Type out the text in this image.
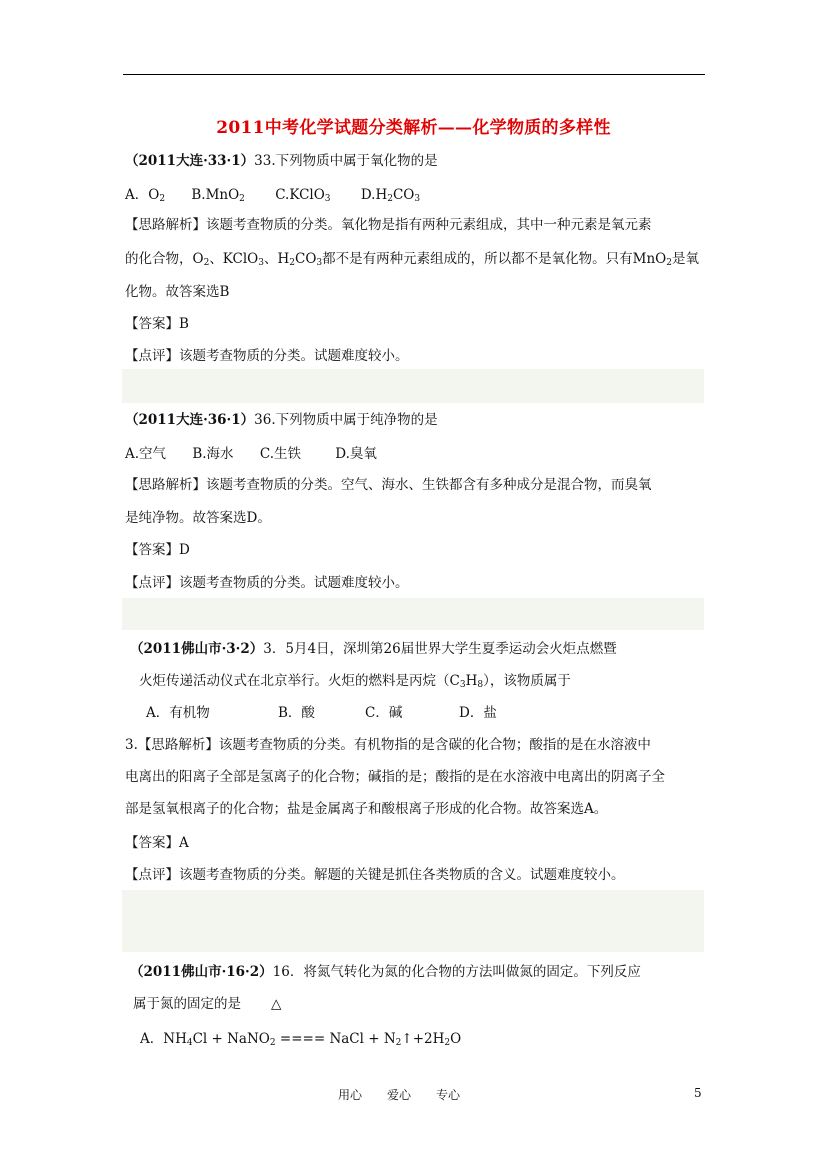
2011中考化学试题分类解析——化学物质的多样性
（2011大连·33·1）33.下列物质中属于氧化物的是
A．$O_2$ B.MnO$_2$ C.KClO$_3$ $D.H_2CO_3$
【思路解析】该题考查物质的分类。氧化物是指有两种元素组成，其中一种元素是氧元素
的化合物，$O_2$、KClO$_3$、$H_2CO_3$都不是有两种元素组成的，所以都不是氧化物。只有MnO$_2$是氧
化物。故答案选B
【答案】B
【点评】该题考查物质的分类。试题难度较小。
（2011大连·36·1）36.下列物质中属于纯净物的是
A.空气 B.海水 C.生铁	D.臭氧
【思路解析】该题考查物质的分类。空气、海水、生铁都含有多种成分是混合物，而臭氧
是纯净物。故答案选D。
【答案】D
【点评】该题考查物质的分类。试题难度较小。
（2011佛山市·3·2）3．5月4日，深圳第26届世界大学生夏季运动会火炬点燃暨
火炬传递活动仪式在北京举行。火炬的燃料是丙烷$(C_3H_8)$，该物质属于
A．有机物	B．酸	C．碱	D．盐
3.【思路解析】该题考查物质的分类。有机物指的是含碳的化合物；酸指的是在水溶液中
电离出的阳离子全部是氢离子的化合物；碱指的是；酸指的是在水溶液中电离出的阴离子全
部是氢氧根离子的化合物；盐是金属离子和酸根离子形成的化合物。故答案选A。
【答案】A
【点评】该题考查物质的分类。解题的关键是抓住各类物质的含义。试题难度较小。
（2011佛山市·16·2）16．将氮气转化为氮的化合物的方法叫做氮的固定。下列反应
属于氮的固定的是 △
A．$NH_4Cl$ + NaNO$_2$ ==== NaCl + $N_2↑+2H_2O$
用心 爱心 专心	5
